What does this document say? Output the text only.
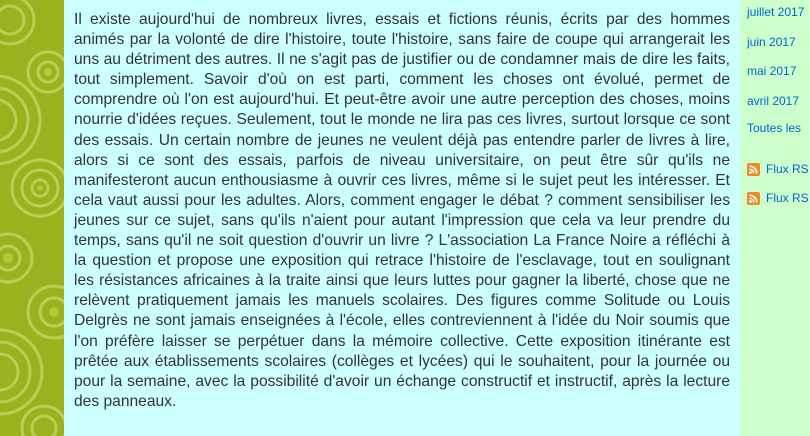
Il existe aujourd'hui de nombreux livres, essais et fictions réunis, écrits par des hommes animés par la volonté de dire l'histoire, toute l'histoire, sans faire de coupe qui arrangerait les uns au détriment des autres. Il ne s'agit pas de justifier ou de condamner mais de dire les faits, tout simplement. Savoir d'où on est parti, comment les choses ont évolué, permet de comprendre où l'on est aujourd'hui. Et peut-être avoir une autre perception des choses, moins nourrie d'idées reçues. Seulement, tout le monde ne lira pas ces livres, surtout lorsque ce sont des essais. Un certain nombre de jeunes ne veulent déjà pas entendre parler de livres à lire, alors si ce sont des essais, parfois de niveau universitaire, on peut être sûr qu'ils ne manifesteront aucun enthousiasme à ouvrir ces livres, même si le sujet peut les intéresser. Et cela vaut aussi pour les adultes. Alors, comment engager le débat ? comment sensibiliser les jeunes sur ce sujet, sans qu'ils n'aient pour autant l'impression que cela va leur prendre du temps, sans qu'il ne soit question d'ouvrir un livre ? L'association La France Noire a réfléchi à la question et propose une exposition qui retrace l'histoire de l'esclavage, tout en soulignant les résistances africaines à la traite ainsi que leurs luttes pour gagner la liberté, chose que ne relèvent pratiquement jamais les manuels scolaires. Des figures comme Solitude ou Louis Delgrès ne sont jamais enseignées à l'école, elles contreviennent à l'idée du Noir soumis que l'on préfère laisser se perpétuer dans la mémoire collective. Cette exposition itinérante est prêtée aux établissements scolaires (collèges et lycées) qui le souhaitent, pour la journée ou pour la semaine, avec la possibilité d'avoir un échange constructif et instructif, après la lecture des panneaux.

juillet 2017
juin 2017
mai 2017
avril 2017
Toutes les
Flux RS
Flux RS
